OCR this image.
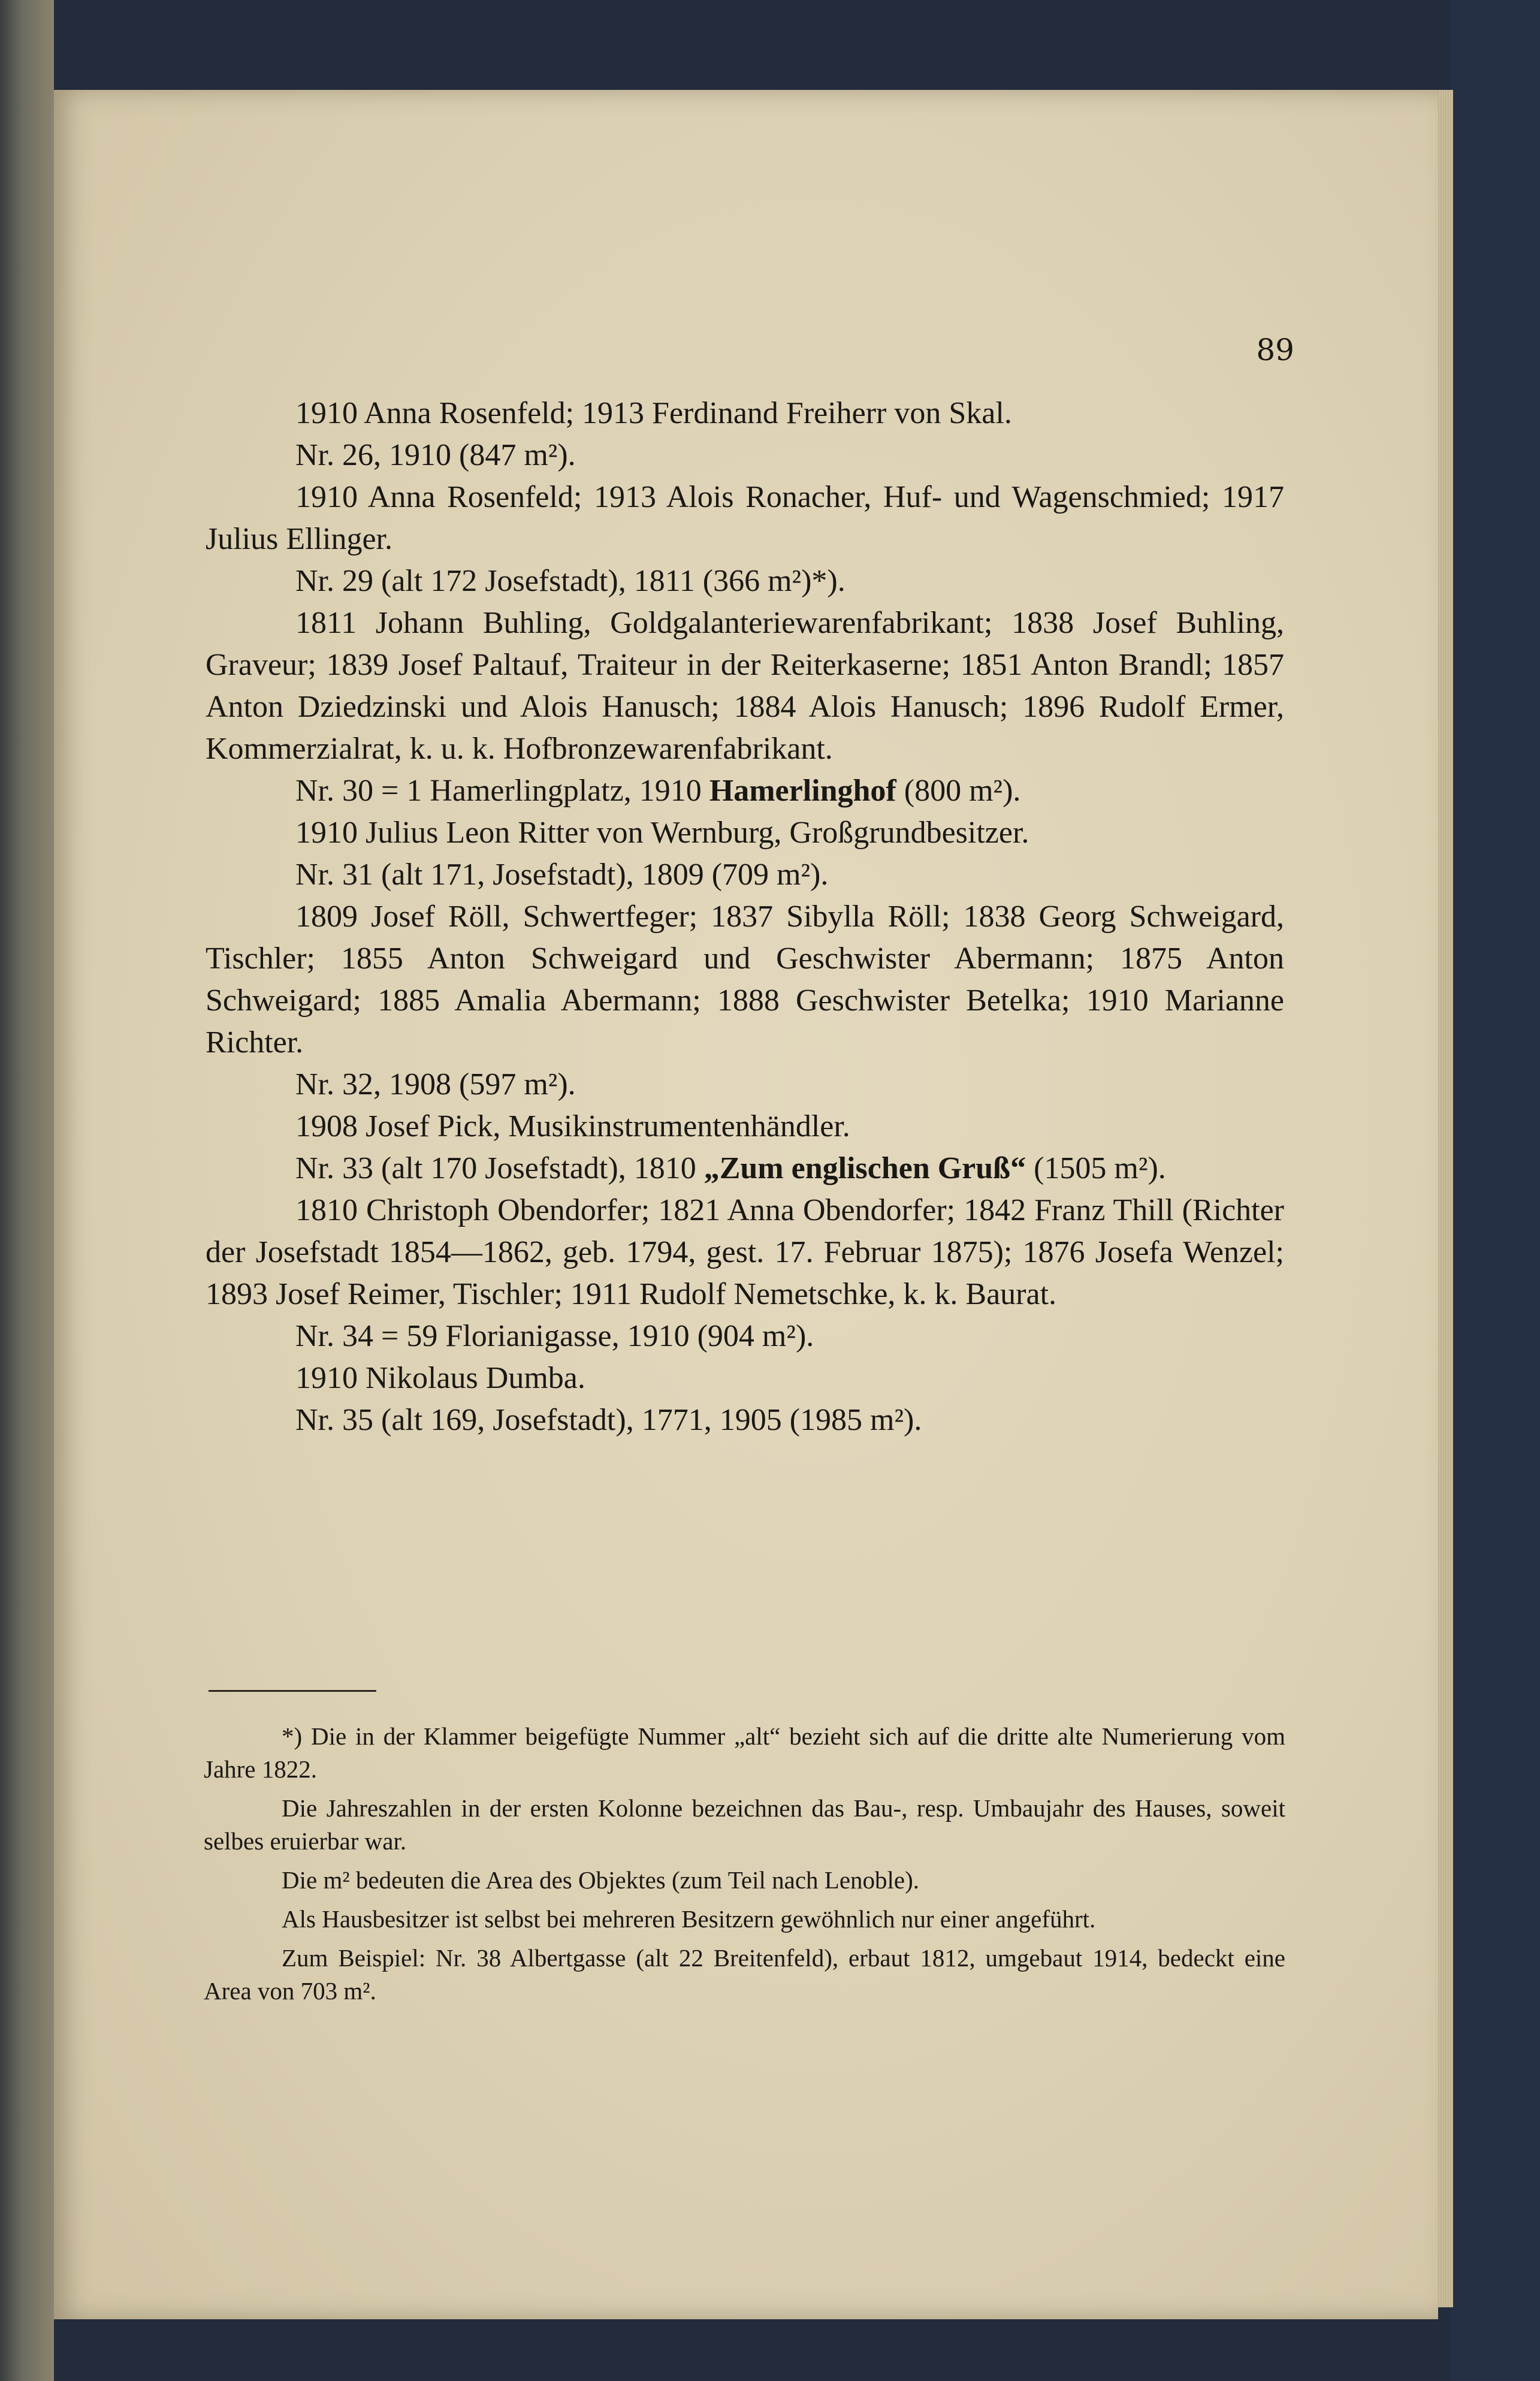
89

1910 Anna Rosenfeld; 1913 Ferdinand Freiherr von Skal.

Nr. 26, 1910 (847 m²).

1910 Anna Rosenfeld; 1913 Alois Ronacher, Huf- und Wagenschmied; 1917 Julius Ellinger.

Nr. 29 (alt 172 Josefstadt), 1811 (366 m²)*).

1811 Johann Buhling, Goldgalanteriewarenfabrikant; 1838 Josef Buhling, Graveur; 1839 Josef Paltauf, Traiteur in der Reiterkaserne; 1851 Anton Brandl; 1857 Anton Dziedzinski und Alois Hanusch; 1884 Alois Hanusch; 1896 Rudolf Ermer, Kommerzialrat, k. u. k. Hofbronzewarenfabrikant.

Nr. 30 = 1 Hamerlingplatz, 1910 Hamerlinghof (800 m²).

1910 Julius Leon Ritter von Wernburg, Großgrundbesitzer.

Nr. 31 (alt 171, Josefstadt), 1809 (709 m²).

1809 Josef Röll, Schwertfeger; 1837 Sibylla Röll; 1838 Georg Schweigard, Tischler; 1855 Anton Schweigard und Geschwister Abermann; 1875 Anton Schweigard; 1885 Amalia Abermann; 1888 Geschwister Betelka; 1910 Marianne Richter.

Nr. 32, 1908 (597 m²).

1908 Josef Pick, Musikinstrumentenhändler.

Nr. 33 (alt 170 Josefstadt), 1810 „Zum englischen Gruß“ (1505 m²).

1810 Christoph Obendorfer; 1821 Anna Obendorfer; 1842 Franz Thill (Richter der Josefstadt 1854—1862, geb. 1794, gest. 17. Februar 1875); 1876 Josefa Wenzel; 1893 Josef Reimer, Tischler; 1911 Rudolf Nemetschke, k. k. Baurat.

Nr. 34 = 59 Florianigasse, 1910 (904 m²).

1910 Nikolaus Dumba.

Nr. 35 (alt 169, Josefstadt), 1771, 1905 (1985 m²).

*) Die in der Klammer beigefügte Nummer „alt“ bezieht sich auf die dritte alte Numerierung vom Jahre 1822.

Die Jahreszahlen in der ersten Kolonne bezeichnen das Bau-, resp. Umbaujahr des Hauses, soweit selbes eruierbar war.

Die m² bedeuten die Area des Objektes (zum Teil nach Lenoble).

Als Hausbesitzer ist selbst bei mehreren Besitzern gewöhnlich nur einer angeführt.

Zum Beispiel: Nr. 38 Albertgasse (alt 22 Breitenfeld), erbaut 1812, umgebaut 1914, bedeckt eine Area von 703 m².
